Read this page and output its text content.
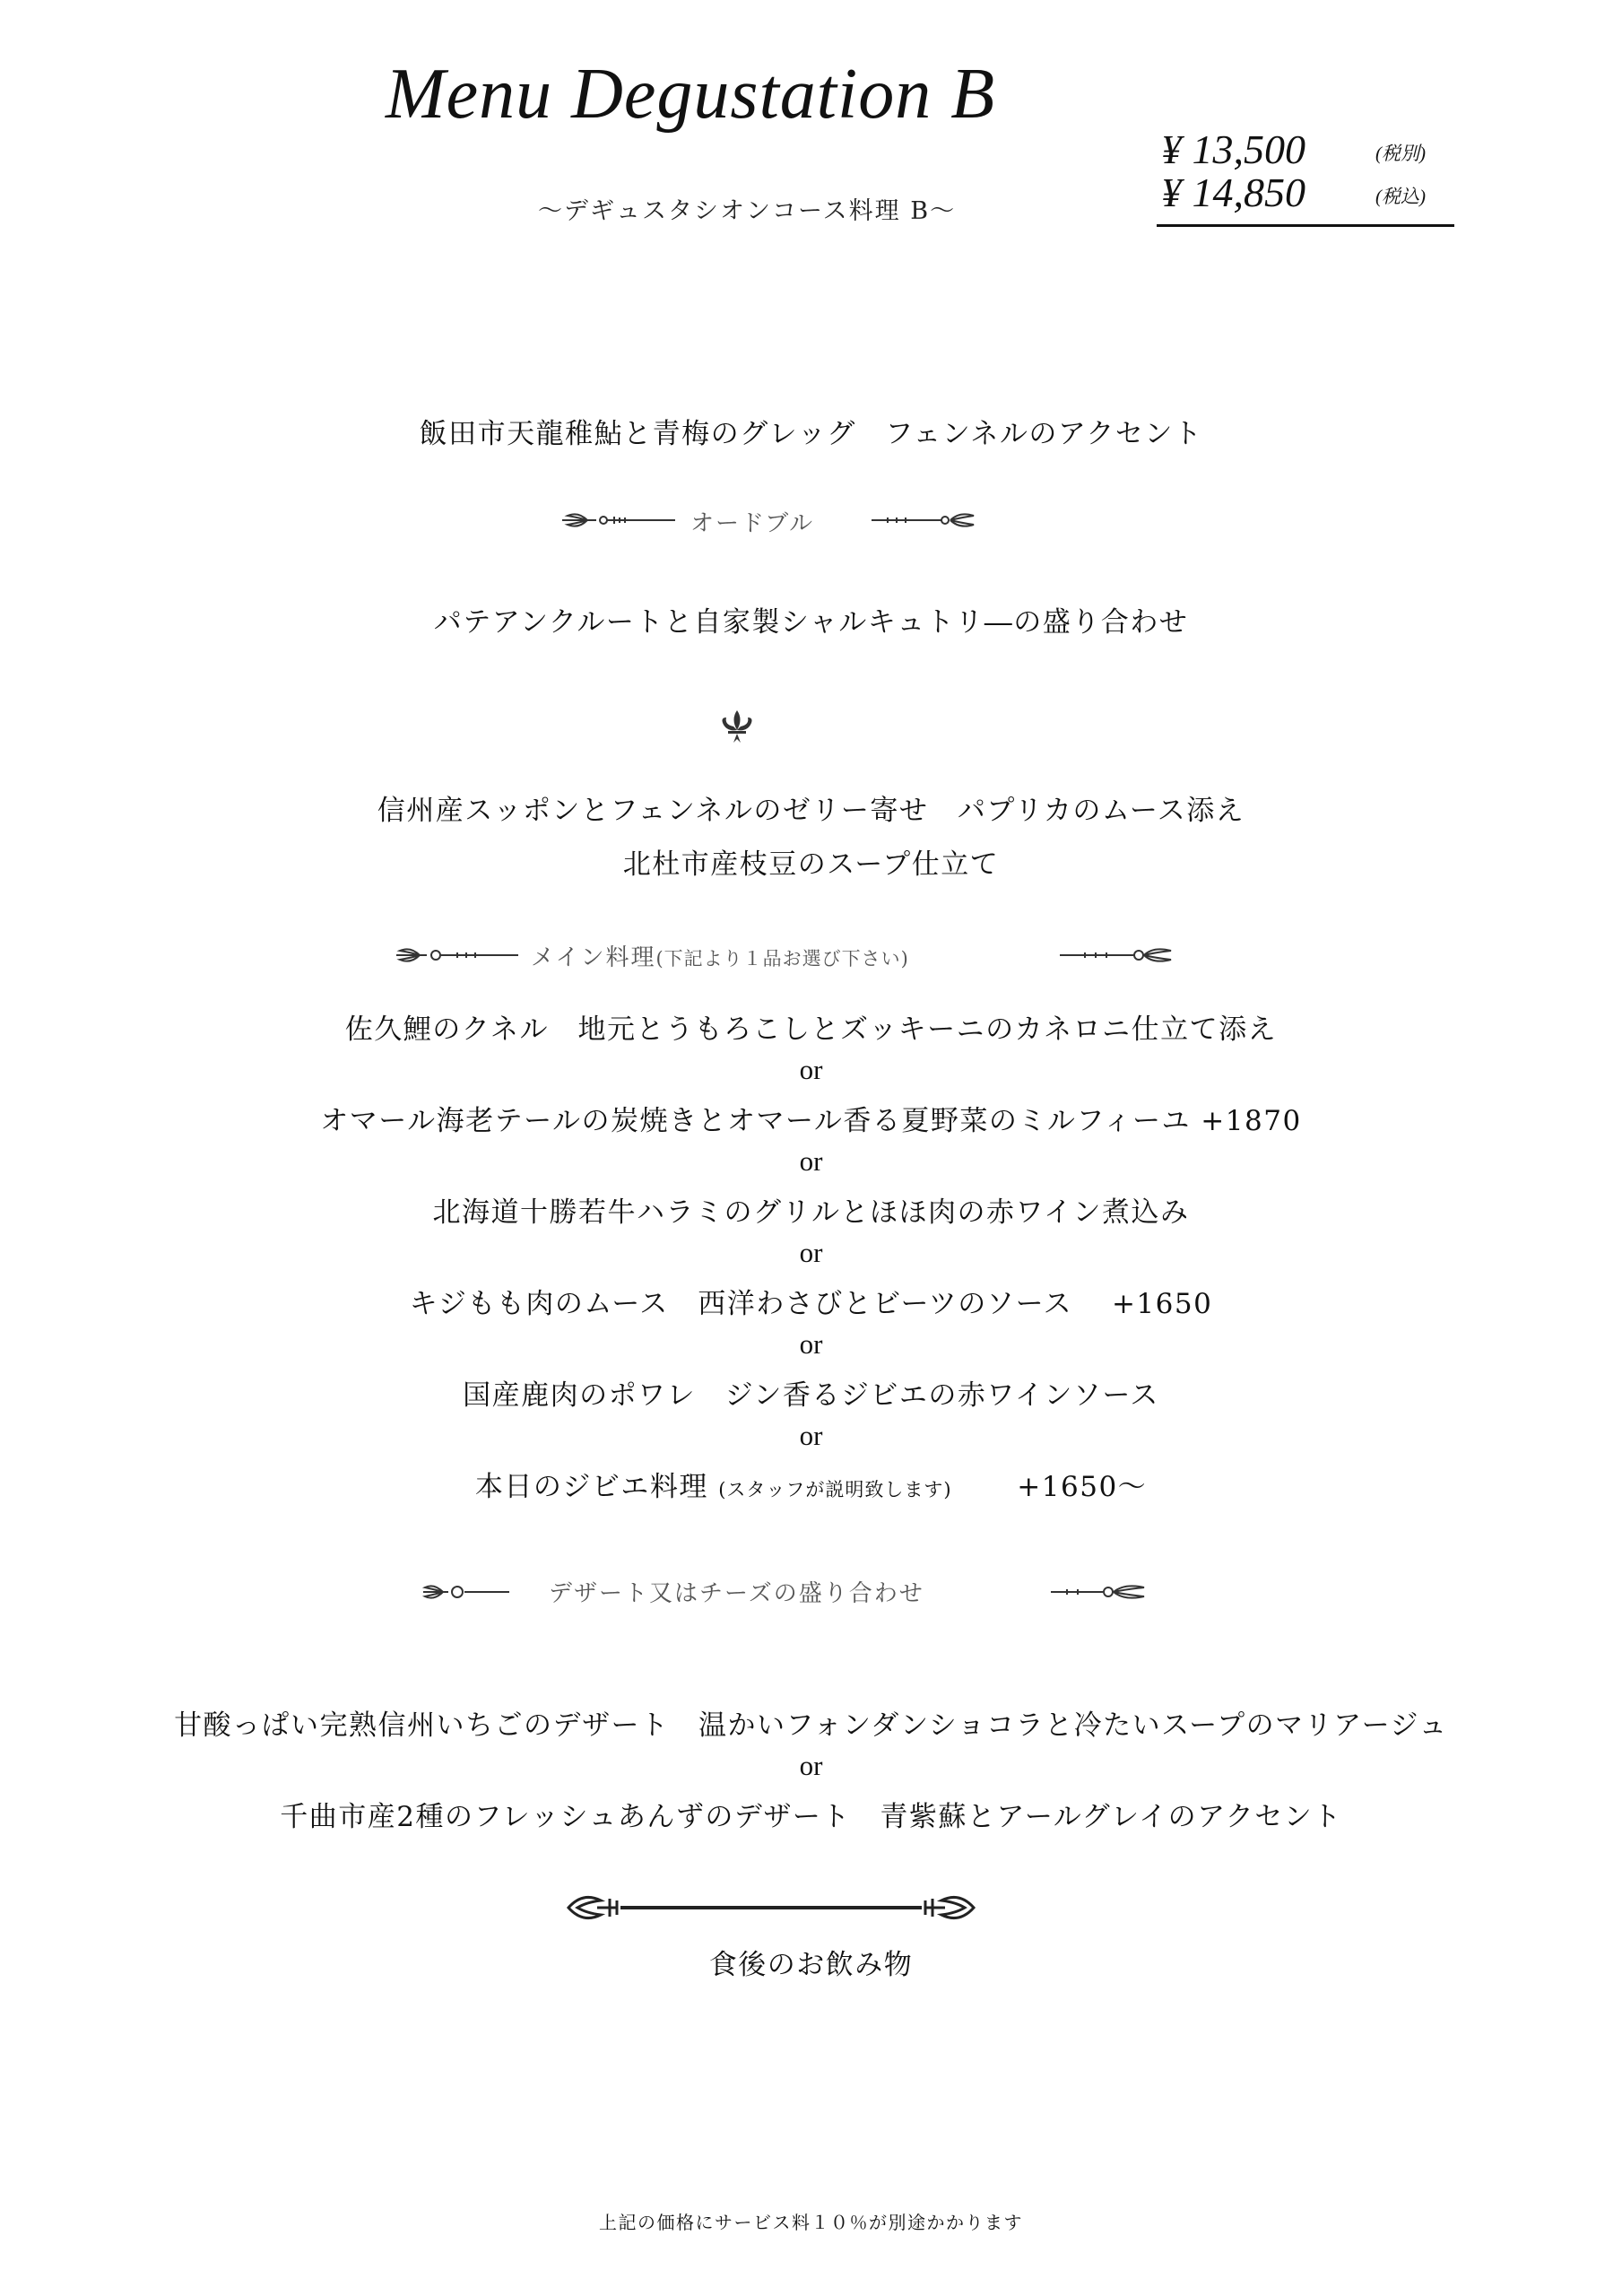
Menu Degustation B
～デギュスタシオンコース料理 B～
¥ 13,500	(税別)
¥ 14,850	(税込)
飯田市天龍稚鮎と青梅のグレッグ　フェンネルのアクセント
オードブル
パテアンクルートと自家製シャルキュトリ―の盛り合わせ
信州産スッポンとフェンネルのゼリー寄せ　パプリカのムース添え
北杜市産枝豆のスープ仕立て
メイン料理(下記より１品お選び下さい)
佐久鯉のクネル　地元とうもろこしとズッキーニのカネロニ仕立て添え
or
オマール海老テールの炭焼きとオマール香る夏野菜のミルフィーユ +1870
or
北海道十勝若牛ハラミのグリルとほほ肉の赤ワイン煮込み
or
キジもも肉のムース　西洋わさびとビーツのソース　 +1650
or
国産鹿肉のポワレ　ジン香るジビエの赤ワインソース
or
本日のジビエ料理 (スタッフが説明致します) +1650～
デザート又はチーズの盛り合わせ
甘酸っぱい完熟信州いちごのデザート　温かいフォンダンショコラと冷たいスープのマリアージュ
or
千曲市産2種のフレッシュあんずのデザート　青紫蘇とアールグレイのアクセント
食後のお飲み物
上記の価格にサービス料１０％が別途かかります
